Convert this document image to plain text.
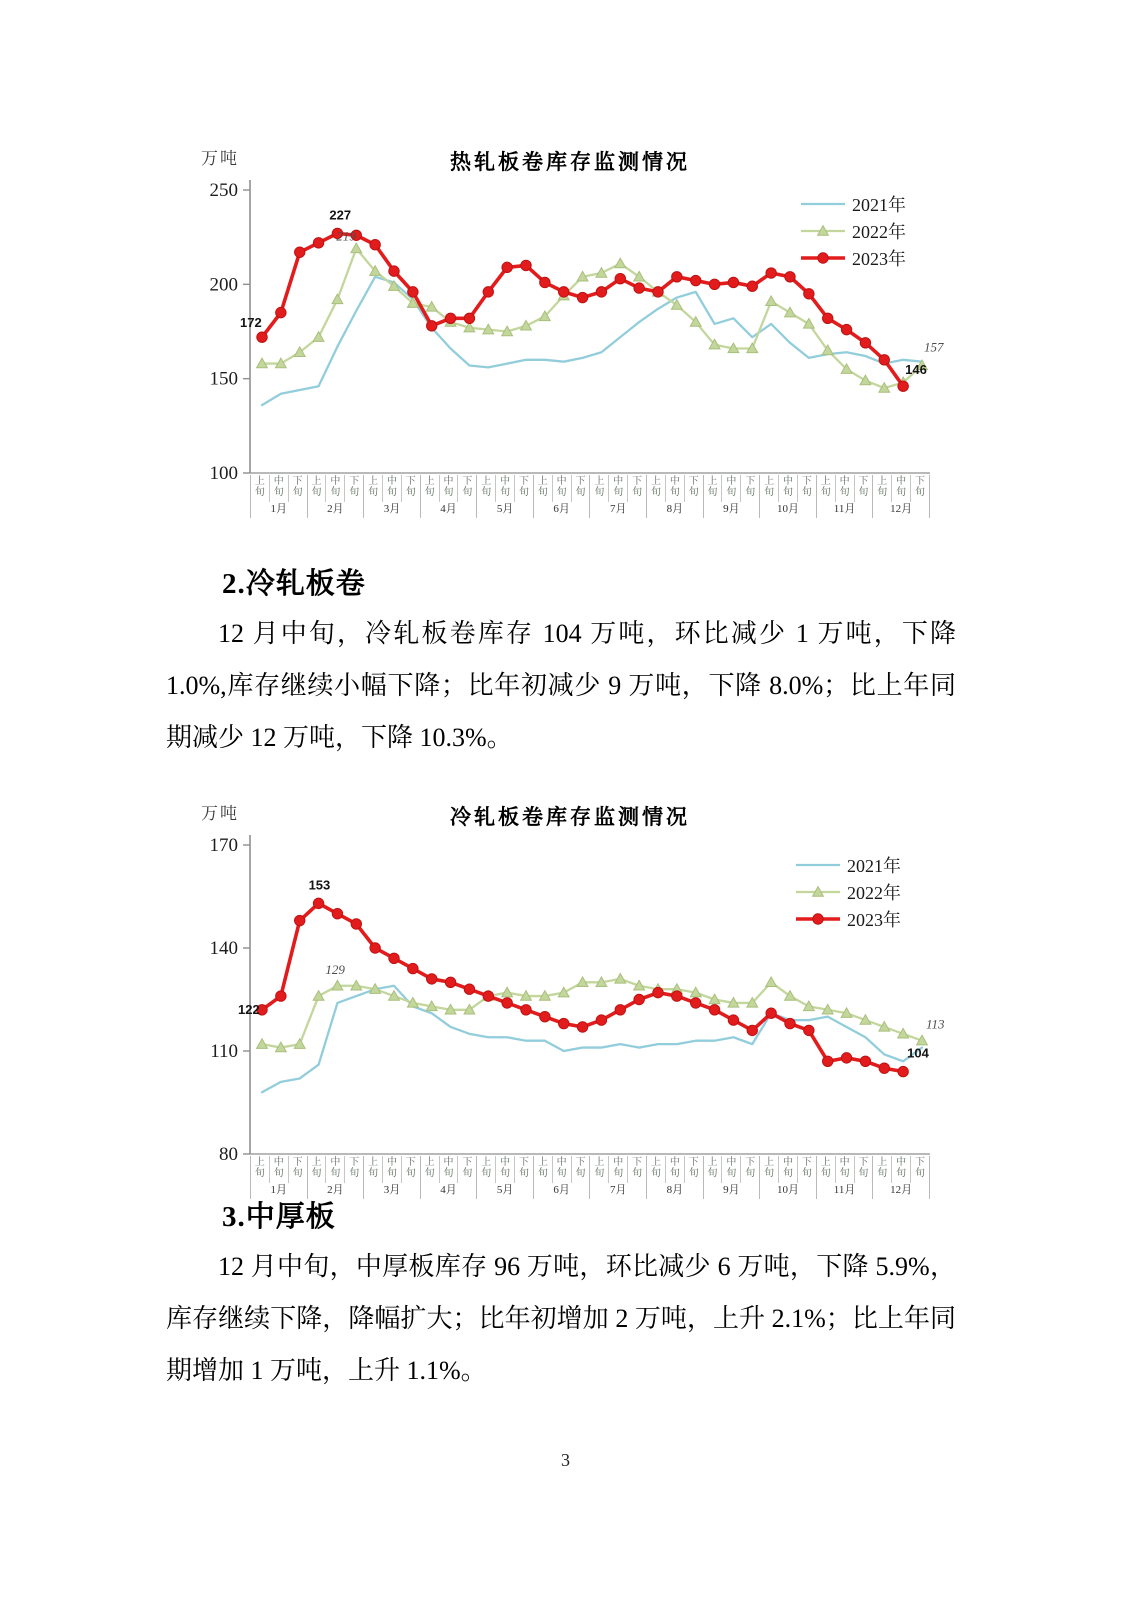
万吨	热轧板卷库存监测情况
100
150
200
250
172
227
219
146
157
上
旬
中
旬
下
旬
1月
上
旬
中
旬
下
旬
2月
上
旬
中
旬
下
旬
3月
上
旬
中
旬
下
旬
4月
上
旬
中
旬
下
旬
5月
上
旬
中
旬
下
旬
6月
上
旬
中
旬
下
旬
7月
上
旬
中
旬
下
旬
8月
上
旬
中
旬
下
旬
9月
上
旬
中
旬
下
旬
10月
上
旬
中
旬
下
旬
11月
上
旬
中
旬
下
旬
12月
2021年
2022年
2023年
2.冷轧板卷
12 月中旬，冷轧板卷库存 104 万吨，环比减少 1 万吨，下降 1.0%,库存继续小幅下降；比年初减少 9 万吨，下降 8.0%；比上年同期减少 12 万吨，下降 10.3%。
万吨	冷轧板卷库存监测情况
80
110
140
170
122
153
129
104
113
上
旬
中
旬
下
旬
1月
上
旬
中
旬
下
旬
2月
上
旬
中
旬
下
旬
3月
上
旬
中
旬
下
旬
4月
上
旬
中
旬
下
旬
5月
上
旬
中
旬
下
旬
6月
上
旬
中
旬
下
旬
7月
上
旬
中
旬
下
旬
8月
上
旬
中
旬
下
旬
9月
上
旬
中
旬
下
旬
10月
上
旬
中
旬
下
旬
11月
上
旬
中
旬
下
旬
12月
2021年
2022年
2023年
3.中厚板
12 月中旬，中厚板库存 96 万吨，环比减少 6 万吨，下降 5.9%，库存继续下降，降幅扩大；比年初增加 2 万吨，上升 2.1%；比上年同期增加 1 万吨，上升 1.1%。
3
